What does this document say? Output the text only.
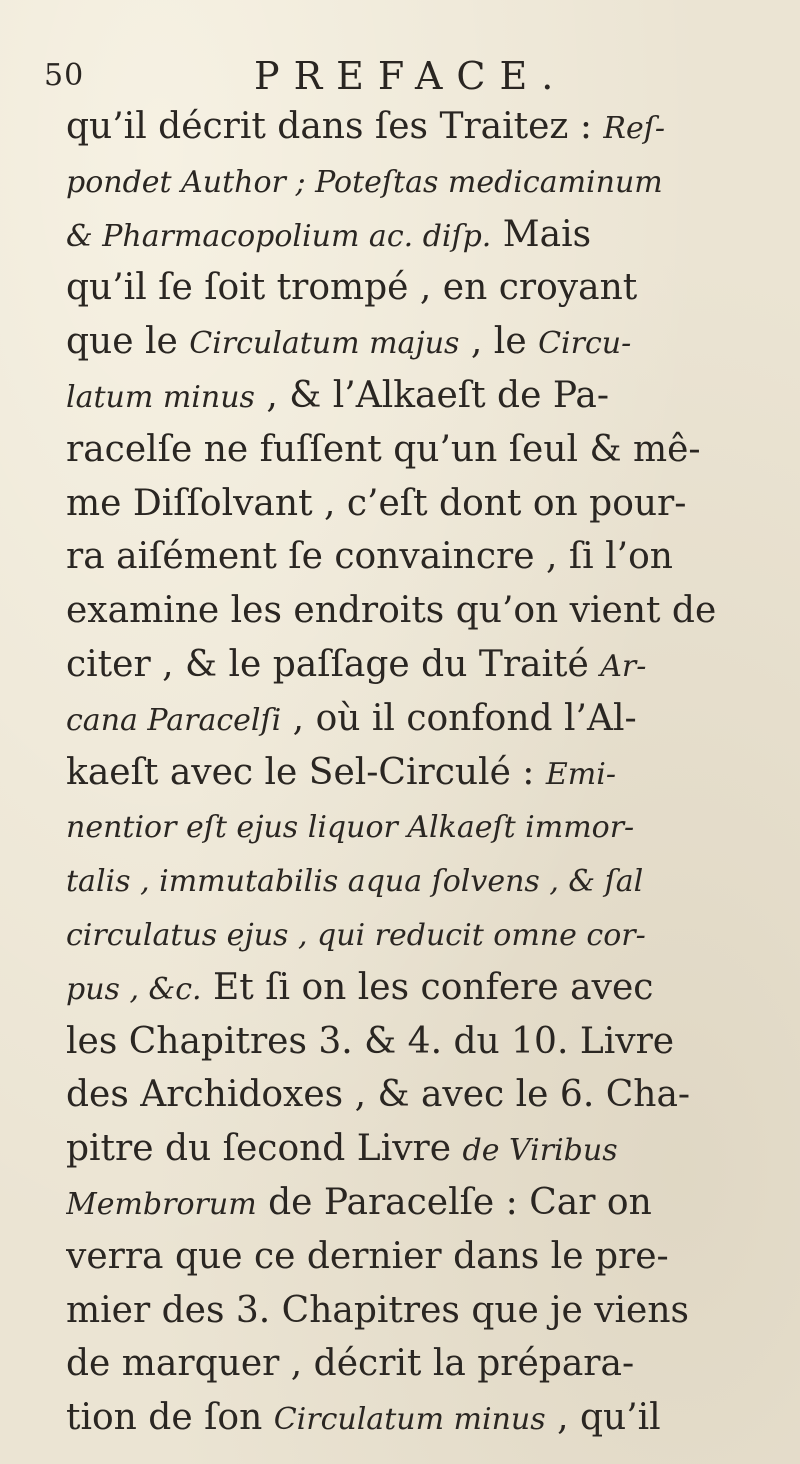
50	PREFACE.
qu’il décrit dans ſes Traitez : Reſ-
pondet Author ; Poteſtas medicaminum
& Pharmacopolium ac. diſp. Mais
qu’il ſe ſoit trompé , en croyant
que le Circulatum majus , le Circu-
latum minus , & l’Alkaeſt de Pa-
racelſe ne fuſſent qu’un ſeul & mê-
me Diſſolvant , c’eſt dont on pour-
ra aiſément ſe convaincre , ſi l’on
examine les endroits qu’on vient de
citer , & le paſſage du Traité Ar-
cana Paracelſi , où il confond l’Al-
kaeſt avec le Sel-Circulé : Emi-
nentior eſt ejus liquor Alkaeſt immor-
talis , immutabilis aqua ſolvens , & ſal
circulatus ejus , qui reducit omne cor-
pus , &c. Et ſi on les confere avec
les Chapitres 3. & 4. du 10. Livre
des Archidoxes , & avec le 6. Cha-
pitre du ſecond Livre de Viribus
Membrorum de Paracelſe : Car on
verra que ce dernier dans le pre-
mier des 3. Chapitres que je viens
de marquer , décrit la prépara-
tion de ſon Circulatum minus , qu’il
